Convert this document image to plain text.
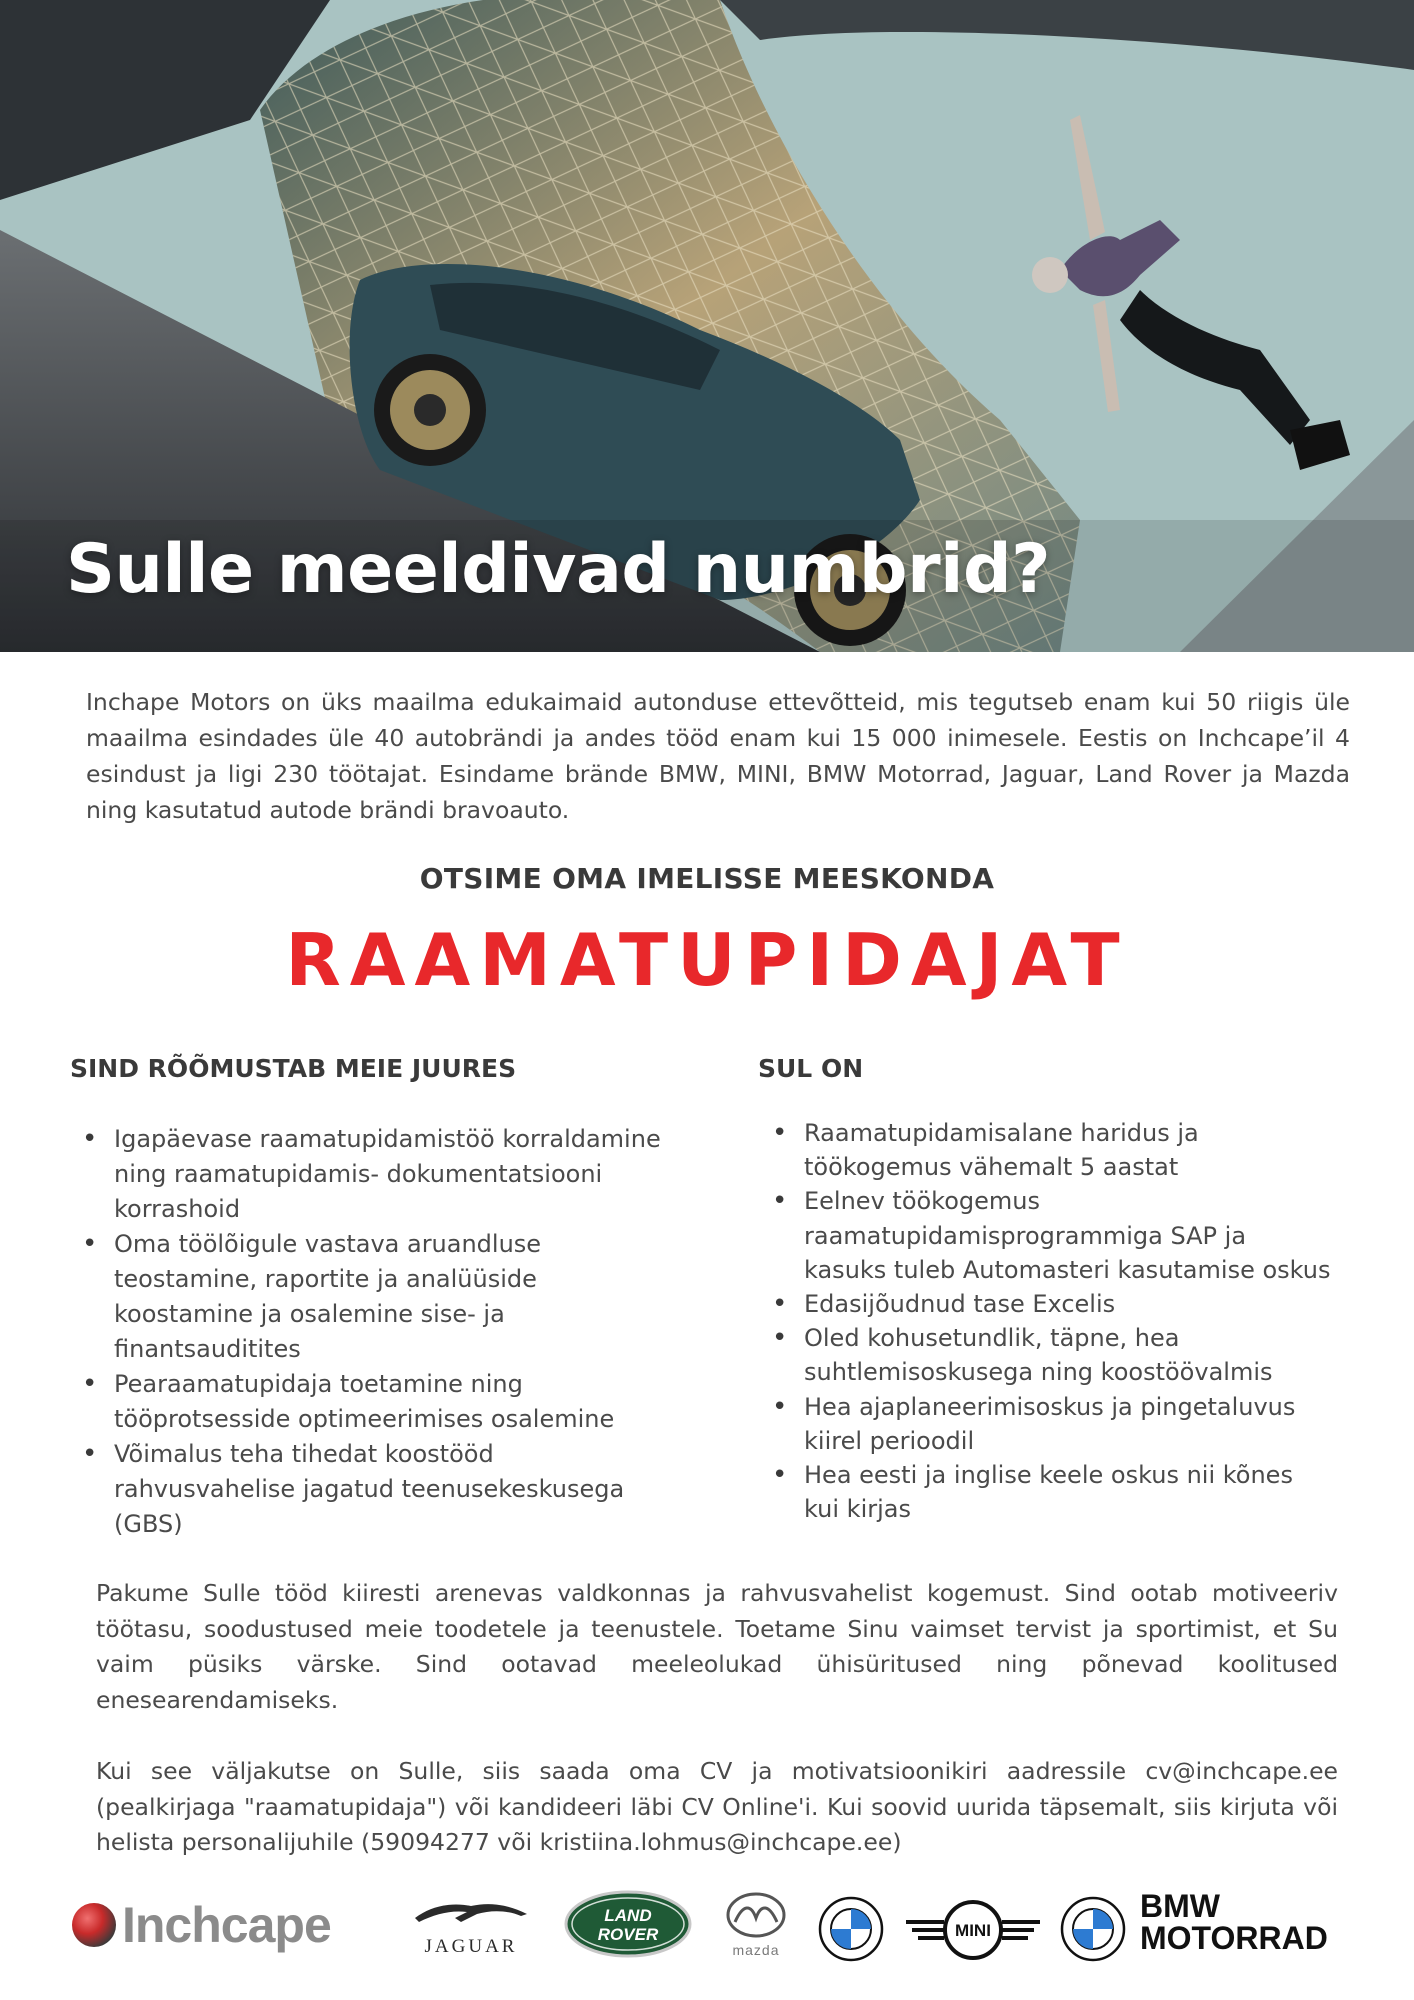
Sulle meeldivad numbrid?

Inchape Motors on üks maailma edukaimaid autonduse ettevõtteid, mis tegutseb enam kui 50 riigis üle maailma esindades üle 40 autobrändi ja andes tööd enam kui 15 000 inimesele. Eestis on Inchcape’il 4 esindust ja ligi 230 töötajat. Esindame brände BMW, MINI, BMW Motorrad, Jaguar, Land Rover ja Mazda ning kasutatud autode brändi bravoauto.

OTSIME OMA IMELISSE MEESKONDA
RAAMATUPIDAJAT
SIND RÕÕMUSTAB MEIE JUURES
• Igapäevase raamatupidamistöö korraldamine ning raamatupidamis- dokumentatsiooni korrashoid
• Oma töölõigule vastava aruandluse teostamine, raportite ja analüüside koostamine ja osalemine sise- ja finantsauditites
• Pearaamatupidaja toetamine ning tööprotsesside optimeerimises osalemine
• Võimalus teha tihedat koostööd rahvusvahelise jagatud teenusekeskusega (GBS)
SUL ON
• Raamatupidamisalane haridus ja töökogemus vähemalt 5 aastat
• Eelnev töökogemus raamatupidamisprogrammiga SAP ja kasuks tuleb Automasteri kasutamise oskus
• Edasijõudnud tase Excelis
• Oled kohusetundlik, täpne, hea suhtlemisoskusega ning koostöövalmis
• Hea ajaplaneerimisoskus ja pingetaluvus kiirel perioodil
• Hea eesti ja inglise keele oskus nii kõnes kui kirjas

Pakume Sulle tööd kiiresti arenevas valdkonnas ja rahvusvahelist kogemust. Sind ootab motiveeriv töötasu, soodustused meie toodetele ja teenustele. Toetame Sinu vaimset tervist ja sportimist, et Su vaim püsiks värske. Sind ootavad meeleolukad ühisüritused ning põnevad koolitused enesearendamiseks.

Kui see väljakutse on Sulle, siis saada oma CV ja motivatsioonikiri aadressile cv@inchcape.ee (pealkirjaga "raamatupidaja") või kandideeri läbi CV Online'i. Kui soovid uurida täpsemalt, siis kirjuta või helista personalijuhile (59094277 või kristiina.lohmus@inchcape.ee)

Inchcape	JAGUAR
LAND
ROVER
mazda
MINI
BMW
MOTORRAD
